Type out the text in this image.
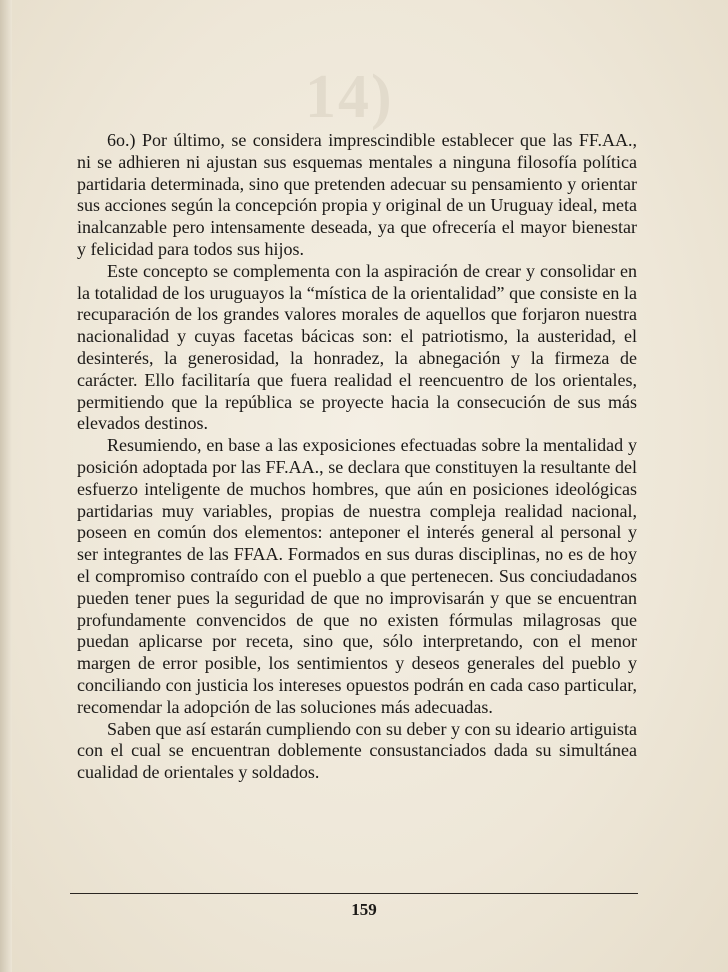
14)

6o.) Por último, se considera imprescindible establecer que las FF.AA., ni se adhieren ni ajustan sus esquemas mentales a ninguna filosofía política partidaria determinada, sino que pretenden adecuar su pensamiento y orientar sus acciones según la concepción propia y original de un Uruguay ideal, meta inalcanzable pero intensamente deseada, ya que ofrecería el mayor bienestar y felicidad para todos sus hijos.

Este concepto se complementa con la aspiración de crear y consolidar en la totalidad de los uruguayos la “mística de la orientalidad” que consiste en la recuparación de los grandes valores morales de aquellos que forjaron nuestra nacionalidad y cuyas facetas bácicas son: el patriotismo, la austeridad, el desinterés, la generosidad, la honradez, la abnegación y la firmeza de carácter. Ello facilitaría que fuera realidad el reencuentro de los orientales, permitiendo que la república se proyecte hacia la consecución de sus más elevados destinos.

Resumiendo, en base a las exposiciones efectuadas sobre la mentalidad y posición adoptada por las FF.AA., se declara que constituyen la resultante del esfuerzo inteligente de muchos hombres, que aún en posiciones ideológicas partidarias muy variables, propias de nuestra compleja realidad nacional, poseen en común dos elementos: anteponer el interés general al personal y ser integrantes de las FFAA. Formados en sus duras disciplinas, no es de hoy el compromiso contraído con el pueblo a que pertenecen. Sus conciudadanos pueden tener pues la seguridad de que no improvisarán y que se encuentran profundamente convencidos de que no existen fórmulas milagrosas que puedan aplicarse por receta, sino que, sólo interpretando, con el menor margen de error posible, los sentimientos y deseos generales del pueblo y conciliando con justicia los intereses opuestos podrán en cada caso particular, recomendar la adopción de las soluciones más adecuadas.

Saben que así estarán cumpliendo con su deber y con su ideario artiguista con el cual se encuentran doblemente consustanciados dada su simultánea cualidad de orientales y soldados.

159
